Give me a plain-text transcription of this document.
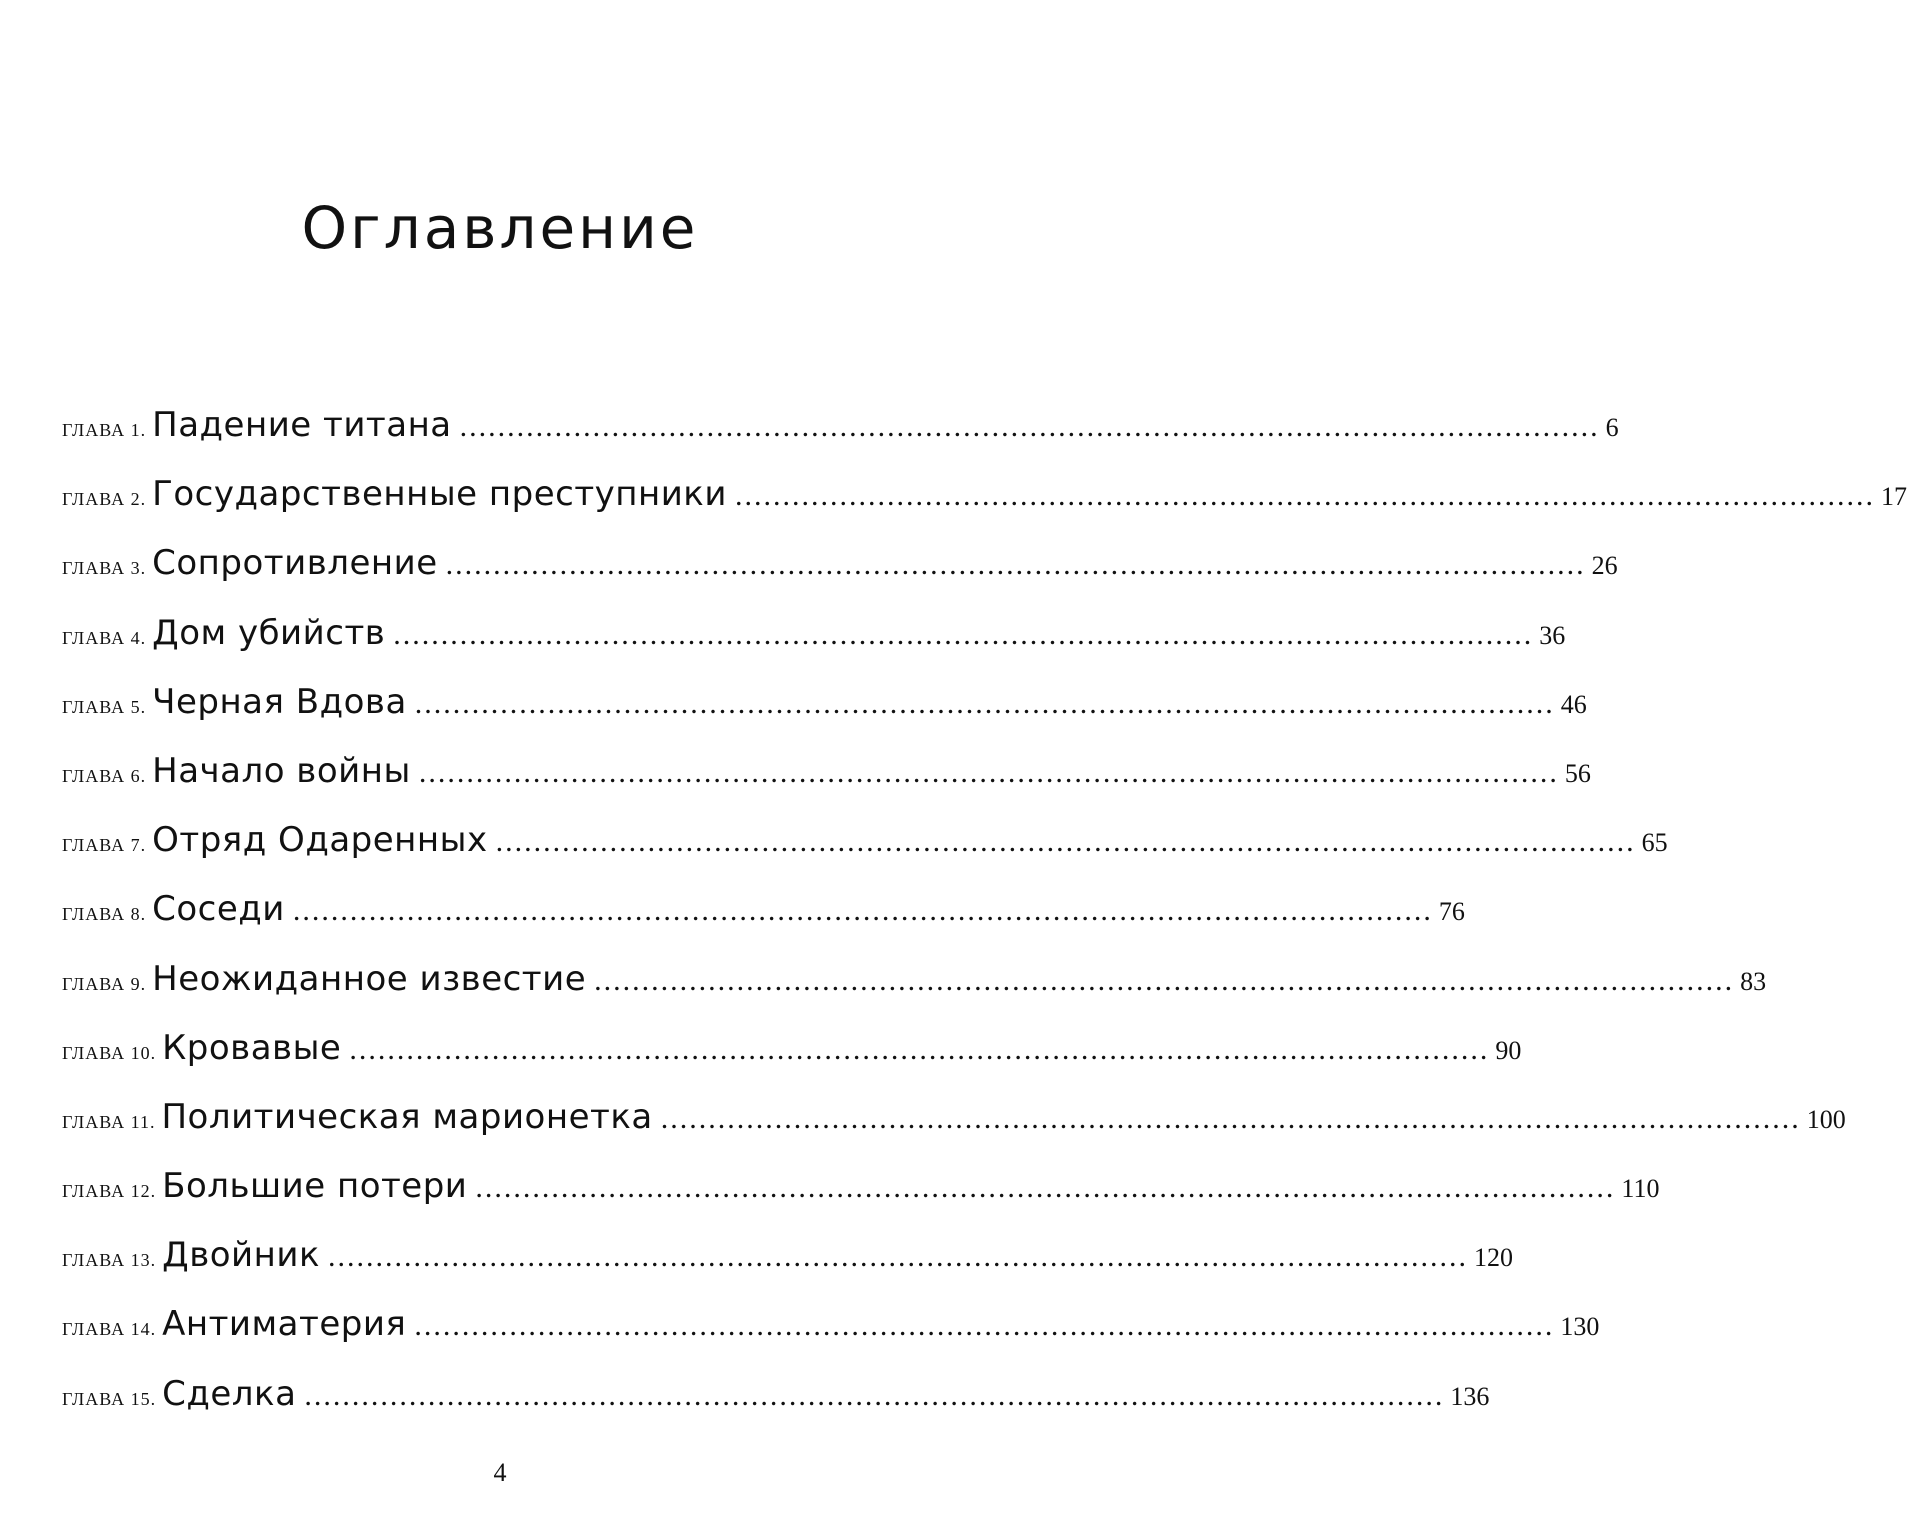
Оглавление
ГЛАВА 1. Падение титана ........................................................................................................................ 6
ГЛАВА 2. Государственные преступники ........................................................................................................................ 17
ГЛАВА 3. Сопротивление ........................................................................................................................ 26
ГЛАВА 4. Дом убийств ........................................................................................................................ 36
ГЛАВА 5. Черная Вдова ........................................................................................................................ 46
ГЛАВА 6. Начало войны ........................................................................................................................ 56
ГЛАВА 7. Отряд Одаренных ........................................................................................................................ 65
ГЛАВА 8. Соседи ........................................................................................................................ 76
ГЛАВА 9. Неожиданное известие ........................................................................................................................ 83
ГЛАВА 10. Кровавые ........................................................................................................................ 90
ГЛАВА 11. Политическая марионетка ........................................................................................................................ 100
ГЛАВА 12. Большие потери ........................................................................................................................ 110
ГЛАВА 13. Двойник ........................................................................................................................ 120
ГЛАВА 14. Антиматерия ........................................................................................................................ 130
ГЛАВА 15. Сделка ........................................................................................................................ 136
4
